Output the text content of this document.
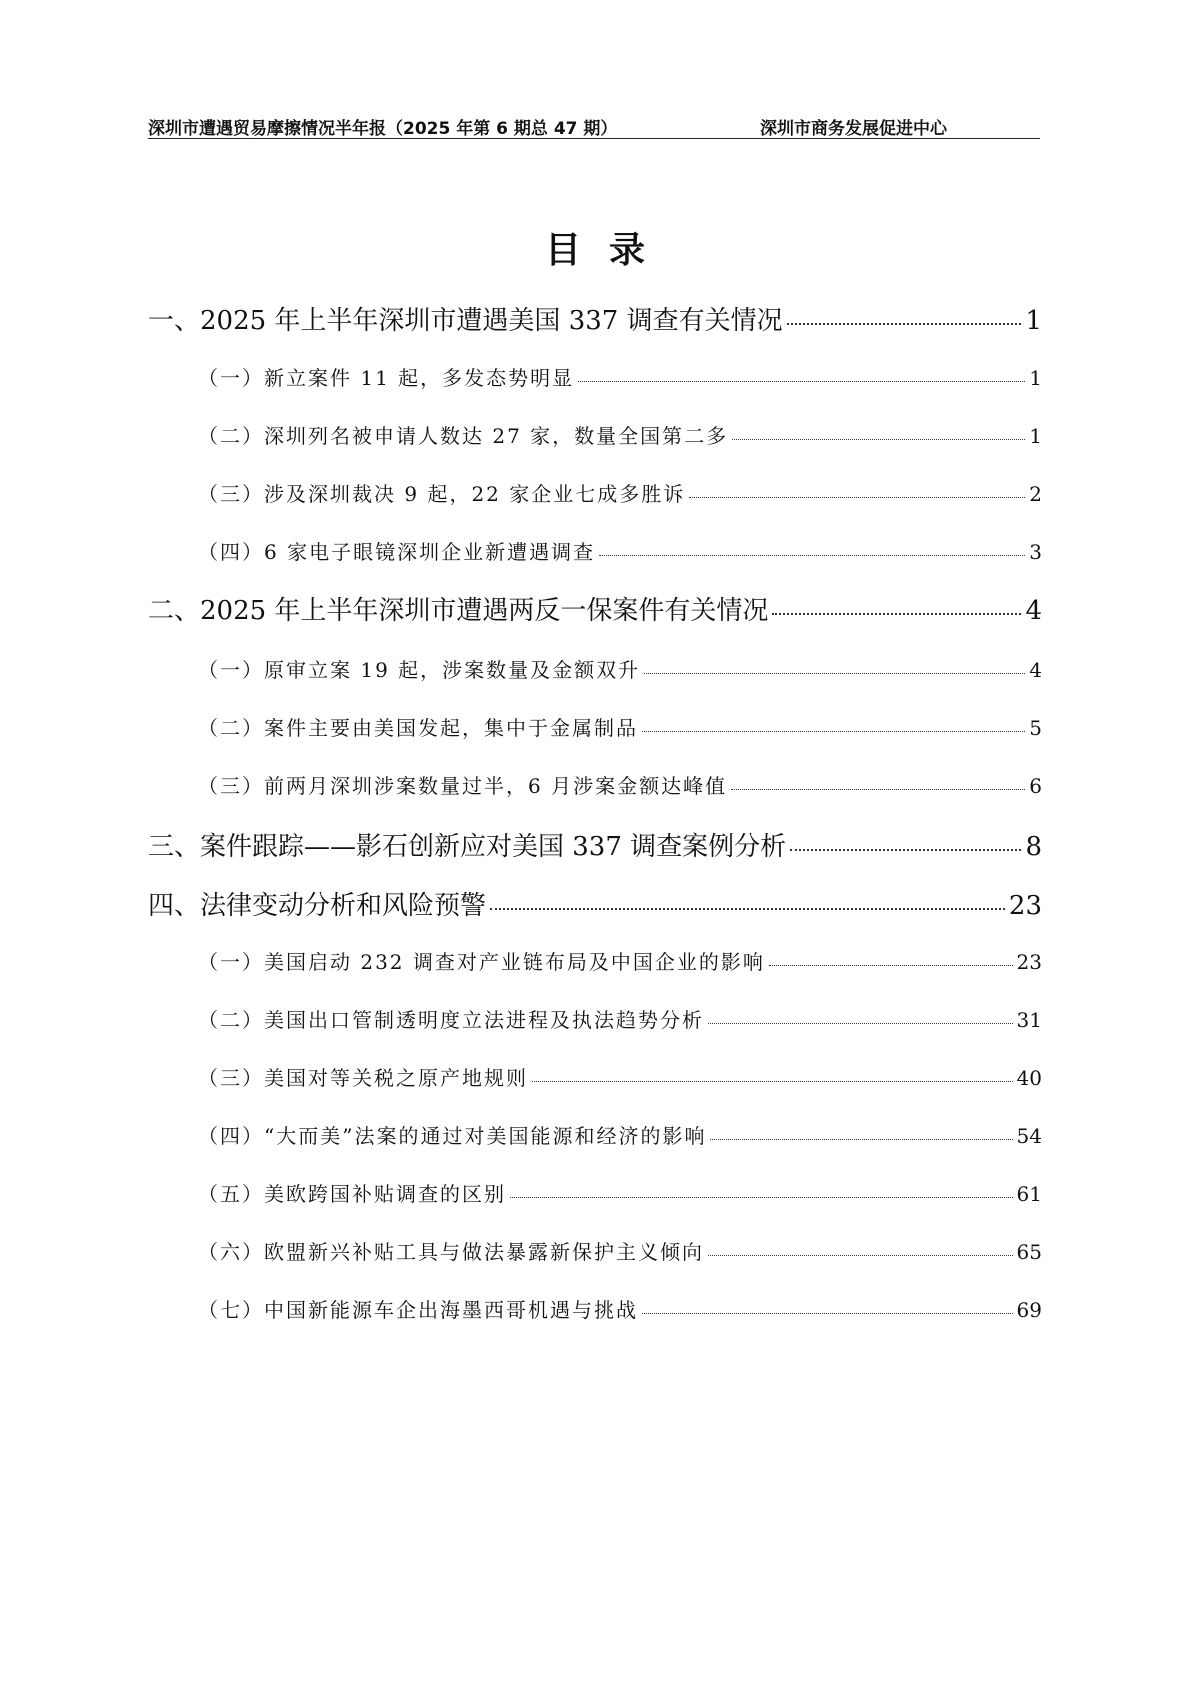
深圳市遭遇贸易摩擦情况半年报（2025 年第 6 期总 47 期）	深圳市商务发展促进中心
目录
一、2025 年上半年深圳市遭遇美国 337 调查有关情况	1
（一）新立案件 11 起，多发态势明显	1
（二）深圳列名被申请人数达 27 家，数量全国第二多	1
（三）涉及深圳裁决 9 起，22 家企业七成多胜诉	2
（四）6 家电子眼镜深圳企业新遭遇调查	3
二、2025 年上半年深圳市遭遇两反一保案件有关情况	4
（一）原审立案 19 起，涉案数量及金额双升	4
（二）案件主要由美国发起，集中于金属制品	5
（三）前两月深圳涉案数量过半，6 月涉案金额达峰值	6
三、案件跟踪——影石创新应对美国 337 调查案例分析	8
四、法律变动分析和风险预警	23
（一）美国启动 232 调查对产业链布局及中国企业的影响	23
（二）美国出口管制透明度立法进程及执法趋势分析	31
（三）美国对等关税之原产地规则	40
（四）“大而美”法案的通过对美国能源和经济的影响	54
（五）美欧跨国补贴调查的区别	61
（六）欧盟新兴补贴工具与做法暴露新保护主义倾向	65
（七）中国新能源车企出海墨西哥机遇与挑战	69
